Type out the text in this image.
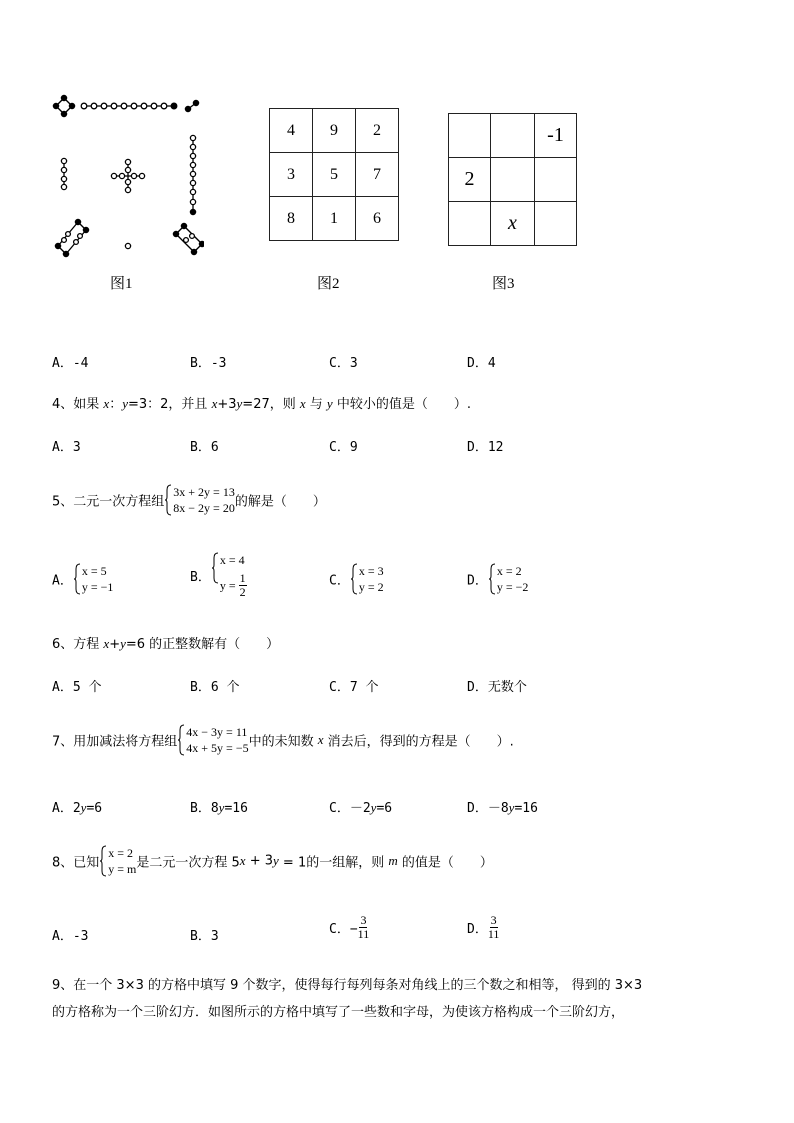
图1
4	9	2
3	5	7
8	1	6
图2
		-1
2		
	x	
图3
A．-4	B．-3	C．3	D．4
4、如果 x：y=3：2，并且 x+3y=27，则 x 与 y 中较小的值是（　　）.
A．3	B．6	C．9	D．12
5、二元一次方程组
3x + 2y = 13
8x − 2y = 20 的解是（　　）
A．
x = 5
y = −1
B．
x = 4
$y = \frac{1}{2}$	C．
x = 3
y = 2	D．
x = 2
y = −2
6、方程 x+y=6 的正整数解有（　　）
A．5 个	B．6 个	C．7 个	D．无数个
7、用加减法将方程组
4x − 3y = 11
4x + 5y = −5 中的未知数 x 消去后，得到的方程是（　　）.
A．2y=6	B．8y=16	C．－2y=6	D．－8y=16
8、已知
x = 2
y = m 是二元一次方程 5x + 3y = 1的一组解，则 m 的值是（　　）
A．-3	B．3	C．− $\frac{3}{11}$	D． $\frac{3}{11}$
9、在一个 3×3 的方格中填写 9 个数字，使得每行每列每条对角线上的三个数之和相等， 得到的 3×3
的方格称为一个三阶幻方．如图所示的方格中填写了一些数和字母，为使该方格构成一个三阶幻方，
